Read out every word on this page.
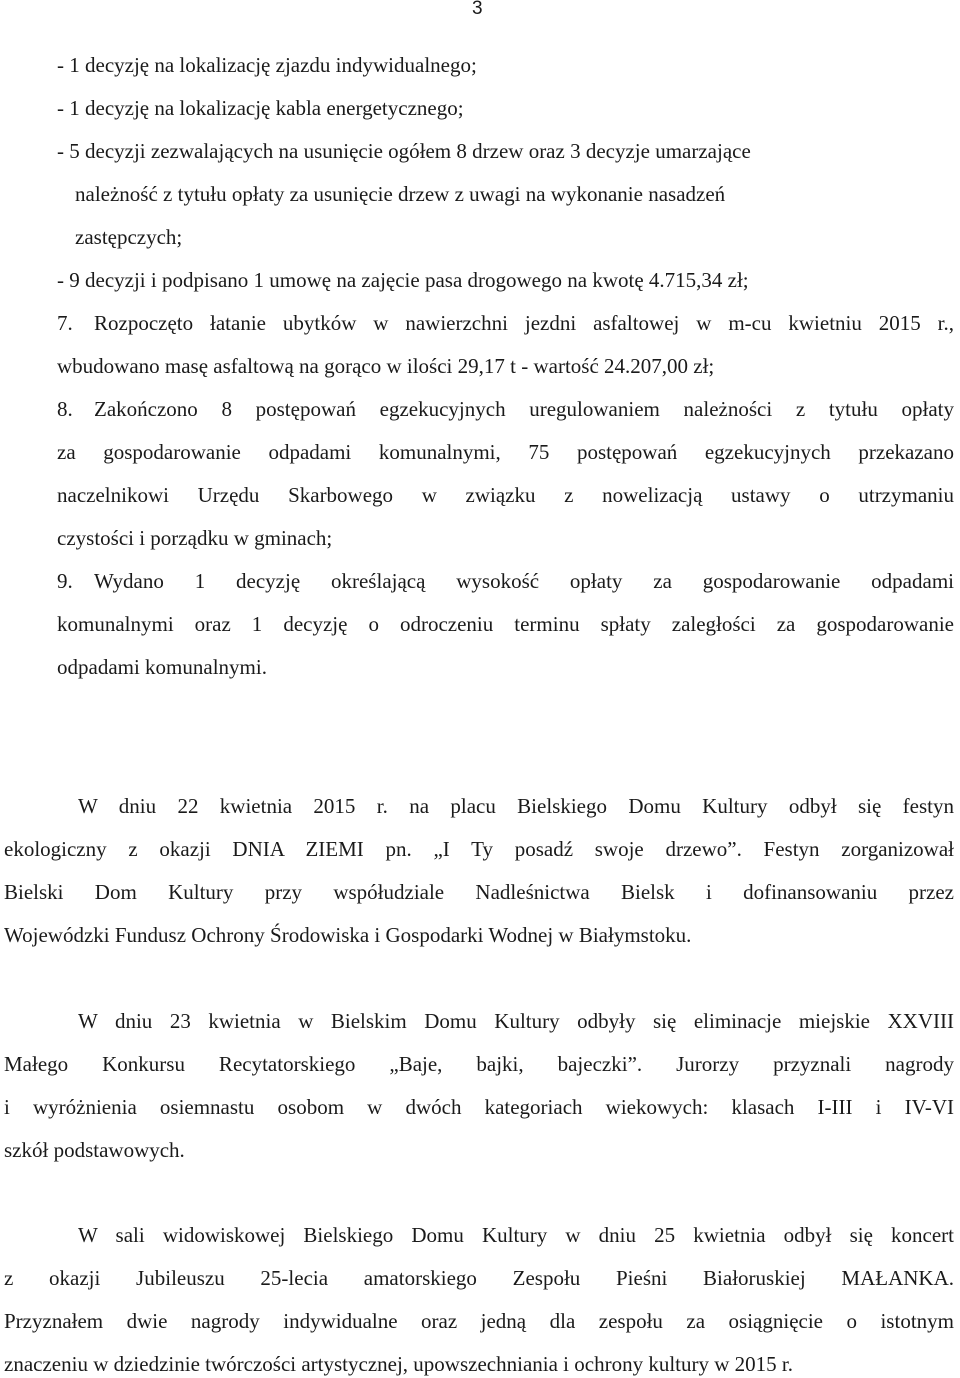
3
- 1 decyzję na lokalizację zjazdu indywidualnego;
- 1 decyzję na lokalizację kabla energetycznego;
- 5 decyzji zezwalających na usunięcie ogółem 8 drzew oraz 3 decyzje umarzające
należność z tytułu opłaty za usunięcie drzew z uwagi na wykonanie nasadzeń
zastępczych;
- 9 decyzji i podpisano 1 umowę na zajęcie pasa drogowego na kwotę 4.715,34 zł;
7. Rozpoczęto łatanie ubytków w nawierzchni jezdni asfaltowej w m-cu kwietniu 2015 r.,
wbudowano masę asfaltową na gorąco w ilości 29,17 t - wartość 24.207,00 zł;
8. Zakończono 8 postępowań egzekucyjnych uregulowaniem należności z tytułu opłaty
za gospodarowanie odpadami komunalnymi, 75 postępowań egzekucyjnych przekazano
naczelnikowi Urzędu Skarbowego w związku z nowelizacją ustawy o utrzymaniu
czystości i porządku w gminach;
9. Wydano 1 decyzję określającą wysokość opłaty za gospodarowanie odpadami
komunalnymi oraz 1 decyzję o odroczeniu terminu spłaty zaległości za gospodarowanie
odpadami komunalnymi.
W dniu 22 kwietnia 2015 r. na placu Bielskiego Domu Kultury odbył się festyn
ekologiczny z okazji DNIA ZIEMI pn. „I Ty posadź swoje drzewo”. Festyn zorganizował
Bielski Dom Kultury przy współudziale Nadleśnictwa Bielsk i dofinansowaniu przez
Wojewódzki Fundusz Ochrony Środowiska i Gospodarki Wodnej w Białymstoku.
W dniu 23 kwietnia w Bielskim Domu Kultury odbyły się eliminacje miejskie XXVIII
Małego Konkursu Recytatorskiego „Baje, bajki, bajeczki”. Jurorzy przyznali nagrody
i wyróżnienia osiemnastu osobom w dwóch kategoriach wiekowych: klasach I-III i IV-VI
szkół podstawowych.
W sali widowiskowej Bielskiego Domu Kultury w dniu 25 kwietnia odbył się koncert
z okazji Jubileuszu 25-lecia amatorskiego Zespołu Pieśni Białoruskiej MAŁANKA.
Przyznałem dwie nagrody indywidualne oraz jedną dla zespołu za osiągnięcie o istotnym
znaczeniu w dziedzinie twórczości artystycznej, upowszechniania i ochrony kultury w 2015 r.
